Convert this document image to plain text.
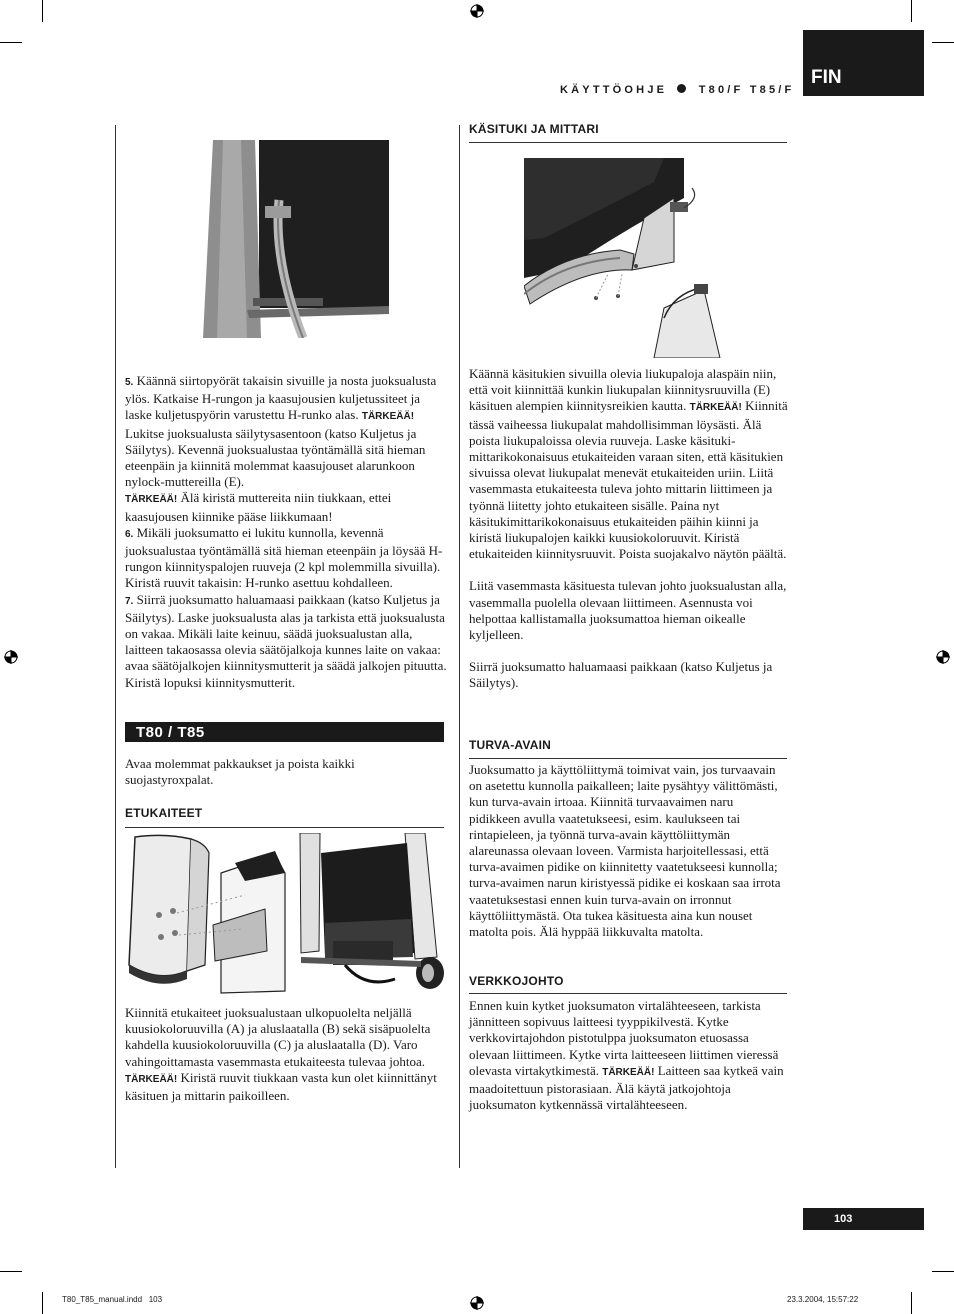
KÄYTTÖOHJE	T80/F T85/F
FIN

5. Käännä siirtopyörät takaisin sivuille ja nosta juoksualusta ylös. Katkaise H-rungon ja kaasujousien kuljetussiteet ja laske kuljetuspyörin varustettu H-runko alas. TÄRKEÄÄ! Lukitse juoksualusta säilytysasentoon (katso Kuljetus ja Säilytys). Kevennä juoksualustaa työntämällä sitä hieman eteenpäin ja kiinnitä molemmat kaasujouset alarunkoon nylock-muttereilla (E).
TÄRKEÄÄ! Älä kiristä muttereita niin tiukkaan, ettei kaasujousen kiinnike pääse liikkumaan!

6. Mikäli juoksumatto ei lukitu kunnolla, kevennä juoksualustaa työntämällä sitä hieman eteenpäin ja löysää H-rungon kiinnityspalojen ruuveja (2 kpl molemmilla sivuilla). Kiristä ruuvit takaisin: H-runko asettuu kohdalleen.

7. Siirrä juoksumatto haluamaasi paikkaan (katso Kuljetus ja Säilytys). Laske juoksualusta alas ja tarkista että juoksualusta on vakaa. Mikäli laite keinuu, säädä juoksualustan alla, laitteen takaosassa olevia säätöjalkoja kunnes laite on vakaa: avaa säätöjalkojen kiinnitysmutterit ja säädä jalkojen pituutta. Kiristä lopuksi kiinnitysmutterit.

T80 / T85

Avaa molemmat pakkaukset ja poista kaikki suojastyroxpalat.

ETUKAITEET

Kiinnitä etukaiteet juoksualustaan ulkopuolelta neljällä kuusiokoloruuvilla (A) ja aluslaatalla (B) sekä sisäpuolelta kahdella kuusiokoloruuvilla (C) ja aluslaatalla (D). Varo vahingoittamasta vasemmasta etukaiteesta tulevaa johtoa. TÄRKEÄÄ! Kiristä ruuvit tiukkaan vasta kun olet kiinnittänyt käsituen ja mittarin paikoilleen.

KÄSITUKI JA MITTARI

Käännä käsitukien sivuilla olevia liukupaloja alaspäin niin, että voit kiinnittää kunkin liukupalan kiinnitysruuvilla (E) käsituen alempien kiinnitysreikien kautta. TÄRKEÄÄ! Kiinnitä tässä vaiheessa liukupalat mahdollisimman löysästi. Älä poista liukupaloissa olevia ruuveja. Laske käsituki-mittarikokonaisuus etukaiteiden varaan siten, että käsitukien sivuissa olevat liukupalat menevät etukaiteiden uriin. Liitä vasemmasta etukaiteesta tuleva johto mittarin liittimeen ja työnnä liitetty johto etukaiteen sisälle. Paina nyt käsitukimittarikokonaisuus etukaiteiden päihin kiinni ja kiristä liukupalojen kaikki kuusiokoloruuvit. Kiristä etukaiteiden kiinnitysruuvit. Poista suojakalvo näytön päältä.

Liitä vasemmasta käsituesta tulevan johto juoksualustan alla, vasemmalla puolella olevaan liittimeen. Asennusta voi helpottaa kallistamalla juoksumattoa hieman oikealle kyljelleen.

Siirrä juoksumatto haluamaasi paikkaan (katso Kuljetus ja Säilytys).

TURVA-AVAIN

Juoksumatto ja käyttöliittymä toimivat vain, jos turvaavain on asetettu kunnolla paikalleen; laite pysähtyy välittömästi, kun turva-avain irtoaa. Kiinnitä turvaavaimen naru pidikkeen avulla vaatetukseesi, esim. kaulukseen tai rintapieleen, ja työnnä turva-avain käyttöliittymän alareunassa olevaan loveen. Varmista harjoitellessasi, että turva-avaimen pidike on kiinnitetty vaatetukseesi kunnolla; turva-avaimen narun kiristyessä pidike ei koskaan saa irrota vaatetuksestasi ennen kuin turva-avain on irronnut käyttöliittymästä. Ota tukea käsituesta aina kun nouset matolta pois. Älä hyppää liikkuvalta matolta.

VERKKOJOHTO

Ennen kuin kytket juoksumaton virtalähteeseen, tarkista jännitteen sopivuus laitteesi tyyppikilvestä. Kytke verkkovirtajohdon pistotulppa juoksumaton etuosassa olevaan liittimeen. Kytke virta laitteeseen liittimen vieressä olevasta virtakytkimestä. TÄRKEÄÄ! Laitteen saa kytkeä vain maadoitettuun pistorasiaan. Älä käytä jatkojohtoja juoksumaton kytkennässä virtalähteeseen.

103
T80_T85_manual.indd   103	23.3.2004, 15:57:22
